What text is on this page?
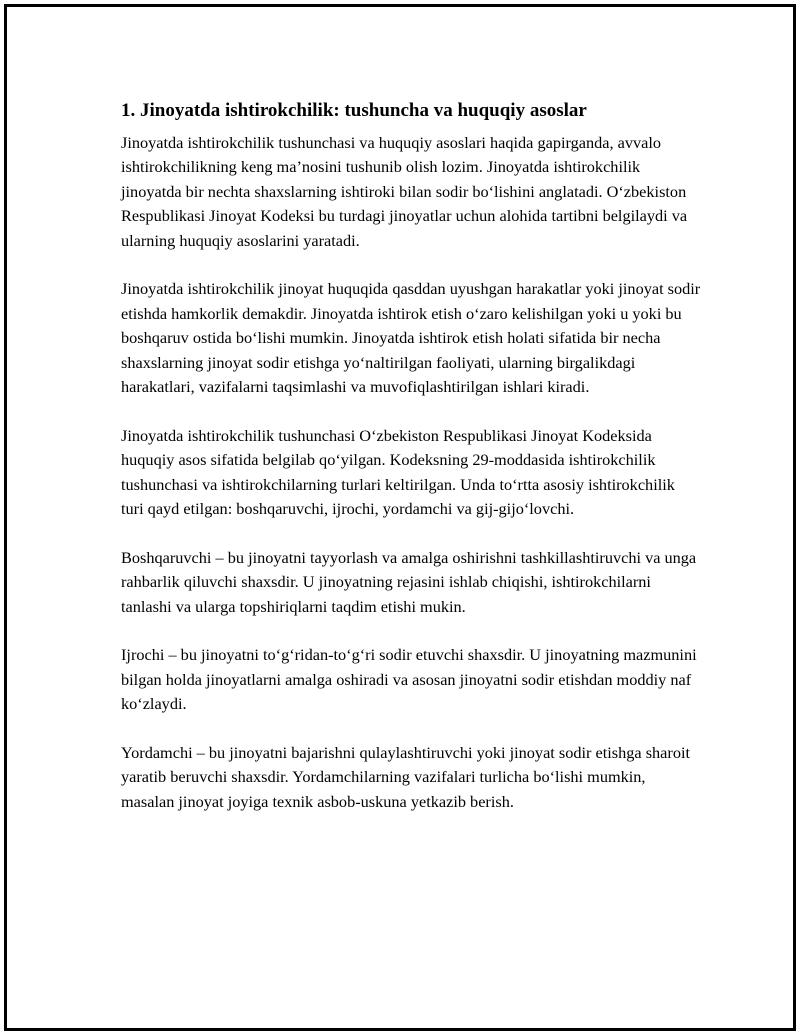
1. Jinoyatda ishtirokchilik: tushuncha va huquqiy asoslar

Jinoyatda ishtirokchilik tushunchasi va huquqiy asoslari haqida gapirganda, avvalo ishtirokchilikning keng ma’nosini tushunib olish lozim. Jinoyatda ishtirokchilik jinoyatda bir nechta shaxslarning ishtiroki bilan sodir bo‘lishini anglatadi. O‘zbekiston Respublikasi Jinoyat Kodeksi bu turdagi jinoyatlar uchun alohida tartibni belgilaydi va ularning huquqiy asoslarini yaratadi.

Jinoyatda ishtirokchilik jinoyat huquqida qasddan uyushgan harakatlar yoki jinoyat sodir etishda hamkorlik demakdir. Jinoyatda ishtirok etish o‘zaro kelishilgan yoki u yoki bu boshqaruv ostida bo‘lishi mumkin. Jinoyatda ishtirok etish holati sifatida bir necha shaxslarning jinoyat sodir etishga yo‘naltirilgan faoliyati, ularning birgalikdagi harakatlari, vazifalarni taqsimlashi va muvofiqlashtirilgan ishlari kiradi.

Jinoyatda ishtirokchilik tushunchasi O‘zbekiston Respublikasi Jinoyat Kodeksida huquqiy asos sifatida belgilab qo‘yilgan. Kodeksning 29-moddasida ishtirokchilik tushunchasi va ishtirokchilarning turlari keltirilgan. Unda to‘rtta asosiy ishtirokchilik turi qayd etilgan: boshqaruvchi, ijrochi, yordamchi va gij-gijo‘lovchi.

Boshqaruvchi – bu jinoyatni tayyorlash va amalga oshirishni tashkillashtiruvchi va unga rahbarlik qiluvchi shaxsdir. U jinoyatning rejasini ishlab chiqishi, ishtirokchilarni tanlashi va ularga topshiriqlarni taqdim etishi mukin.

Ijrochi – bu jinoyatni to‘g‘ridan-to‘g‘ri sodir etuvchi shaxsdir. U jinoyatning mazmunini bilgan holda jinoyatlarni amalga oshiradi va asosan jinoyatni sodir etishdan moddiy naf ko‘zlaydi.

Yordamchi – bu jinoyatni bajarishni qulaylashtiruvchi yoki jinoyat sodir etishga sharoit yaratib beruvchi shaxsdir. Yordamchilarning vazifalari turlicha bo‘lishi mumkin, masalan jinoyat joyiga texnik asbob-uskuna yetkazib berish.
